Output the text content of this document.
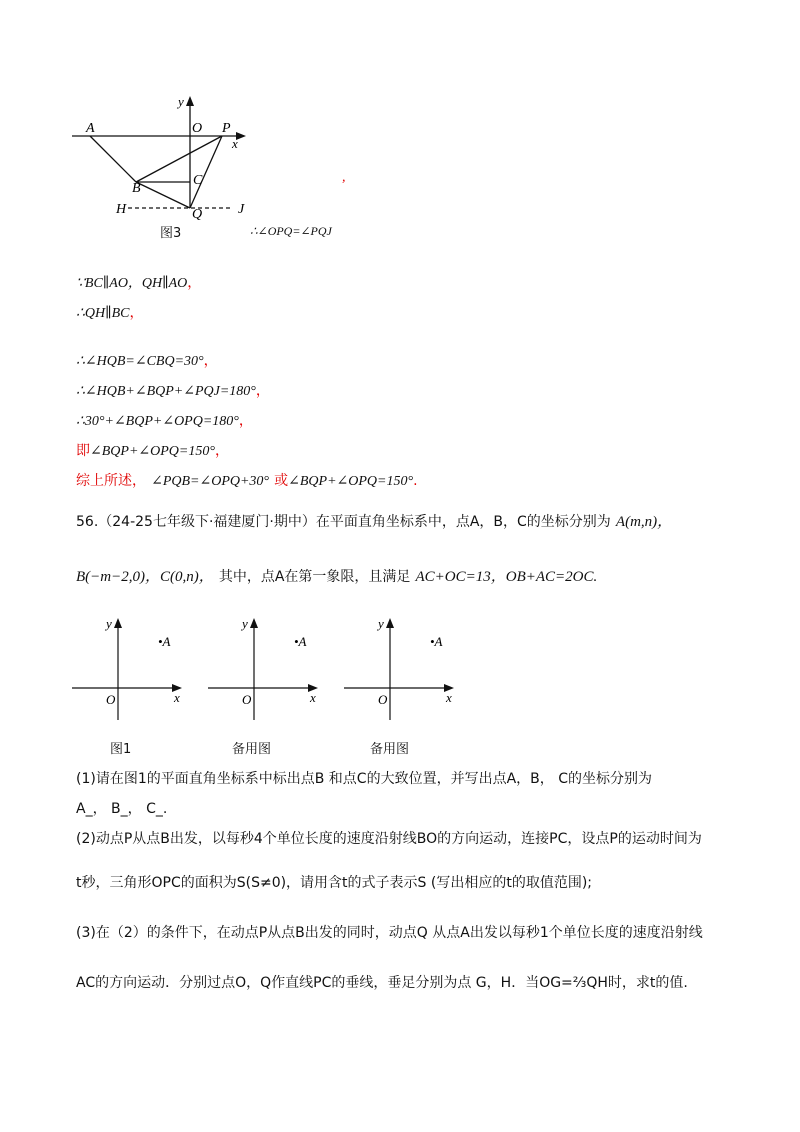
y
x
O P
A
B
C
H	Q	J
图3	∴∠OPQ=∠PQJ
,
∵BC∥AO，QH∥AO，
∴QH∥BC，
∴∠HQB=∠CBQ=30°，
∴∠HQB+∠BQP+∠PQJ=180°，
∴30°+∠BQP+∠OPQ=180°，
即∠BQP+∠OPQ=150°，
综上所述， ∠PQB=∠OPQ+30° 或∠BQP+∠OPQ=150°.
56.（24-25七年级下·福建厦门·期中）在平面直角坐标系中，点A，B，C的坐标分别为 A(m,n)，
B(−m−2,0)，C(0,n)， 其中，点A在第一象限，且满足 AC+OC=13，OB+AC=2OC.
y
x
O
•A
图1
y
x
O
•A
备用图
y
x
O
•A
备用图
(1)请在图1的平面直角坐标系中标出点B 和点C的大致位置，并写出点A，B， C的坐标分别为
A_， B_， C_.
(2)动点P从点B出发，以每秒4个单位长度的速度沿射线BO的方向运动，连接PC，设点P的运动时间为
t秒，三角形OPC的面积为S(S≠0)，请用含t的式子表示S (写出相应的t的取值范围);
(3)在（2）的条件下，在动点P从点B出发的同时，动点Q 从点A出发以每秒1个单位长度的速度沿射线
AC的方向运动．分别过点O，Q作直线PC的垂线，垂足分别为点 G，H．当OG=⅔QH时，求t的值.
